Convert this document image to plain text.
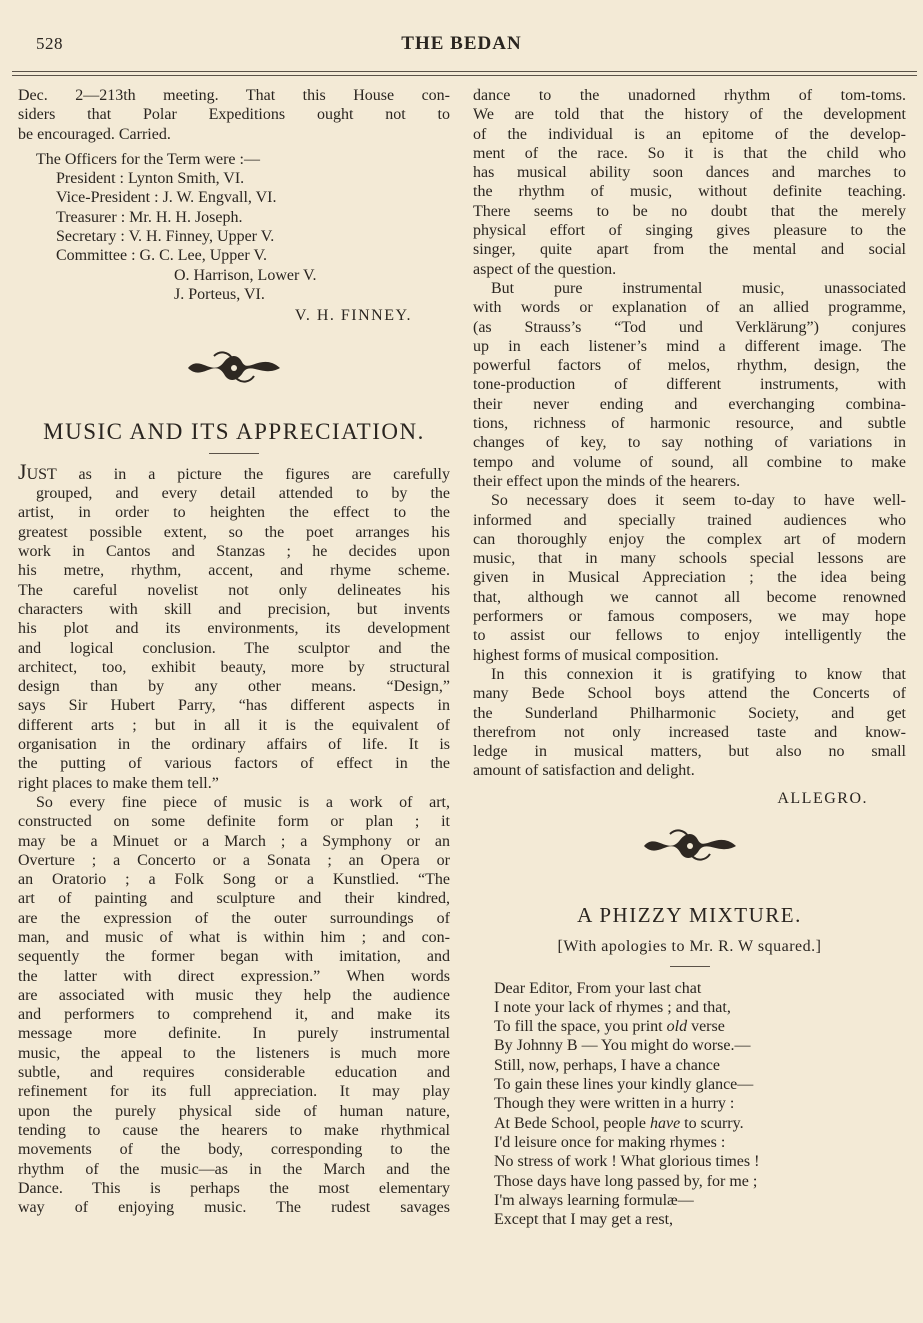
528	THE BEDAN
Dec. 2—213th meeting. That this House con-
siders that Polar Expeditions ought not to
be encouraged. Carried.
The Officers for the Term were :—
President : Lynton Smith, VI.
Vice-President : J. W. Engvall, VI.
Treasurer : Mr. H. H. Joseph.
Secretary : V. H. Finney, Upper V.
Committee : G. C. Lee, Upper V.
O. Harrison, Lower V.
J. Porteus, VI.
V. H. FINNEY.
MUSIC AND ITS APPRECIATION.
JUST as in a picture the figures are carefully
grouped, and every detail attended to by the
artist, in order to heighten the effect to the
greatest possible extent, so the poet arranges his
work in Cantos and Stanzas ; he decides upon
his metre, rhythm, accent, and rhyme scheme.
The careful novelist not only delineates his
characters with skill and precision, but invents
his plot and its environments, its development
and logical conclusion. The sculptor and the
architect, too, exhibit beauty, more by structural
design than by any other means. “Design,”
says Sir Hubert Parry, “has different aspects in
different arts ; but in all it is the equivalent of
organisation in the ordinary affairs of life. It is
the putting of various factors of effect in the
right places to make them tell.”
So every fine piece of music is a work of art,
constructed on some definite form or plan ; it
may be a Minuet or a March ; a Symphony or an
Overture ; a Concerto or a Sonata ; an Opera or
an Oratorio ; a Folk Song or a Kunstlied. “The
art of painting and sculpture and their kindred,
are the expression of the outer surroundings of
man, and music of what is within him ; and con-
sequently the former began with imitation, and
the latter with direct expression.” When words
are associated with music they help the audience
and performers to comprehend it, and make its
message more definite. In purely instrumental
music, the appeal to the listeners is much more
subtle, and requires considerable education and
refinement for its full appreciation. It may play
upon the purely physical side of human nature,
tending to cause the hearers to make rhythmical
movements of the body, corresponding to the
rhythm of the music—as in the March and the
Dance. This is perhaps the most elementary
way of enjoying music. The rudest savages
dance to the unadorned rhythm of tom-toms.
We are told that the history of the development
of the individual is an epitome of the develop-
ment of the race. So it is that the child who
has musical ability soon dances and marches to
the rhythm of music, without definite teaching.
There seems to be no doubt that the merely
physical effort of singing gives pleasure to the
singer, quite apart from the mental and social
aspect of the question.
But pure instrumental music, unassociated
with words or explanation of an allied programme,
(as Strauss’s “Tod und Verklärung”) conjures
up in each listener’s mind a different image. The
powerful factors of melos, rhythm, design, the
tone-production of different instruments, with
their never ending and everchanging combina-
tions, richness of harmonic resource, and subtle
changes of key, to say nothing of variations in
tempo and volume of sound, all combine to make
their effect upon the minds of the hearers.
So necessary does it seem to-day to have well-
informed and specially trained audiences who
can thoroughly enjoy the complex art of modern
music, that in many schools special lessons are
given in Musical Appreciation ; the idea being
that, although we cannot all become renowned
performers or famous composers, we may hope
to assist our fellows to enjoy intelligently the
highest forms of musical composition.
In this connexion it is gratifying to know that
many Bede School boys attend the Concerts of
the Sunderland Philharmonic Society, and get
therefrom not only increased taste and know-
ledge in musical matters, but also no small
amount of satisfaction and delight.
ALLEGRO.
A PHIZZY MIXTURE.
[With apologies to Mr. R. W squared.]
Dear Editor, From your last chat
I note your lack of rhymes ; and that,
To fill the space, you print old verse
By Johnny B — You might do worse.—
Still, now, perhaps, I have a chance
To gain these lines your kindly glance—
Though they were written in a hurry :
At Bede School, people have to scurry.
I'd leisure once for making rhymes :
No stress of work ! What glorious times !
Those days have long passed by, for me ;
I'm always learning formulæ—
Except that I may get a rest,
